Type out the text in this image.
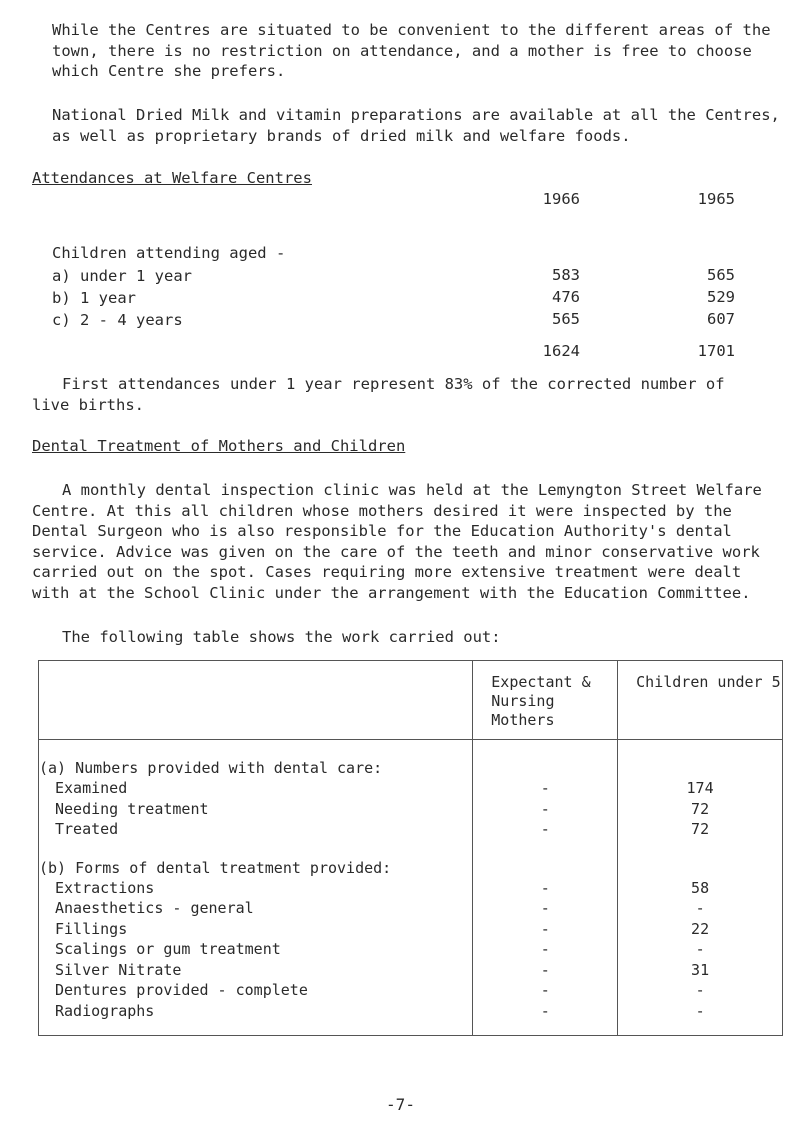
While the Centres are situated to be convenient to the different areas of the town, there is no restriction on attendance, and a mother is free to choose which Centre she prefers.
National Dried Milk and vitamin preparations are available at all the Centres, as well as proprietary brands of dried milk and welfare foods.
Attendances at Welfare Centres
1966	1965
Children attending aged -
a) under 1 year	583	565
b) 1 year	476	529
c) 2 - 4 years	565	607
1624	1701
First attendances under 1 year represent 83% of the corrected number of live births.
Dental Treatment of Mothers and Children
A monthly dental inspection clinic was held at the Lemyngton Street Welfare Centre. At this all children whose mothers desired it were inspected by the Dental Surgeon who is also responsible for the Education Authority's dental service. Advice was given on the care of the teeth and minor conservative work carried out on the spot. Cases requiring more extensive treatment were dealt with at the School Clinic under the arrangement with the Education Committee.
The following table shows the work carried out:
	Expectant & Nursing Mothers	Children under 5
(a) Numbers provided with dental care:		
Examined	-	174
Needing treatment	-	72
Treated	-	72
(b) Forms of dental treatment provided:		
Extractions	-	58
Anaesthetics - general	-	-
Fillings	-	22
Scalings or gum treatment	-	-
Silver Nitrate	-	31
Dentures provided - complete	-	-
Radiographs	-	-
-7-
